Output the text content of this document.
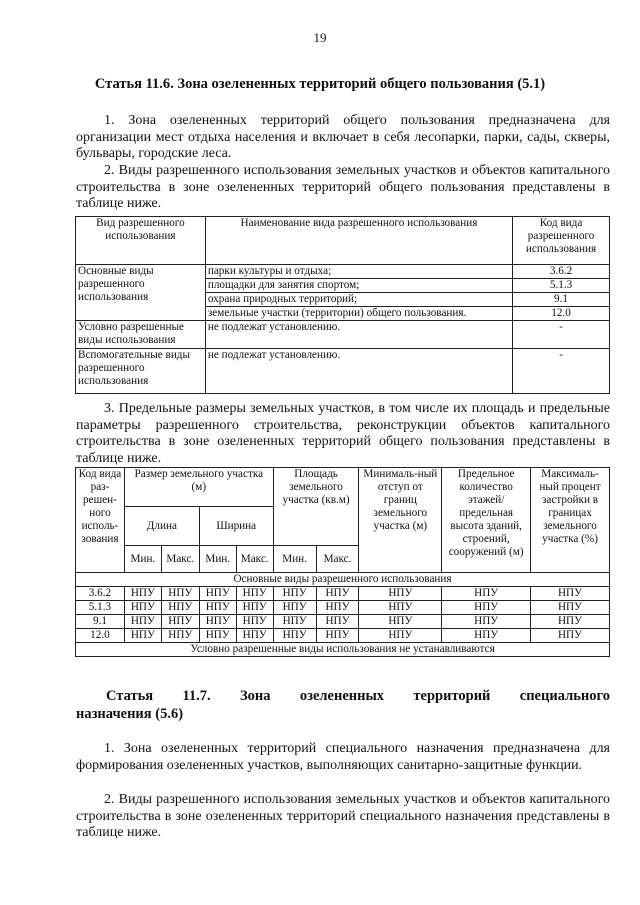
19
Статья 11.6. Зона озелененных территорий общего пользования (5.1)

1. Зона озелененных территорий общего пользования предназначена для организации мест отдыха населения и включает в себя лесопарки, парки, сады, скверы, бульвары, городские леса.

2. Виды разрешенного использования земельных участков и объектов капитального строительства в зоне озелененных территорий общего пользования представлены в таблице ниже.

Вид разрешенного использования	Наименование вида разрешенного использования	Код вида разрешенного использования
Основные виды разрешенного использования	парки культуры и отдыха;	3.6.2
	площадки для занятия спортом;	5.1.3
	охрана природных территорий;	9.1
	земельные участки (территории) общего пользования.	12.0
Условно разрешенные виды использования	не подлежат установлению.	-
Вспомогательные виды разрешенного использования	не подлежат установлению.	-

3. Предельные размеры земельных участков, в том числе их площадь и предельные параметры разрешенного строительства, реконструкции объектов капитального строительства в зоне озелененных территорий общего пользования представлены в таблице ниже.

Код вида раз-решен-ного исполь-зования	Размер земельного участка (м)				Площадь земельного участка (кв.м)		Минималь-ный отступ от границ земельного участка (м)	Предельное количество этажей/ предельная высота зданий, строений, сооружений (м)	Максималь-ный процент застройки в границах земельного участка (%)
	Длина		Ширина						
	Мин.	Макс.	Мин.	Макс.	Мин.	Макс.			
Основные виды разрешенного использования									
3.6.2	НПУ	НПУ	НПУ	НПУ	НПУ	НПУ	НПУ	НПУ	НПУ
5.1.3	НПУ	НПУ	НПУ	НПУ	НПУ	НПУ	НПУ	НПУ	НПУ
9.1	НПУ	НПУ	НПУ	НПУ	НПУ	НПУ	НПУ	НПУ	НПУ
12.0	НПУ	НПУ	НПУ	НПУ	НПУ	НПУ	НПУ	НПУ	НПУ
Условно разрешенные виды использования не устанавливаются									
Статья 11.7. Зона озелененных территорий специального
назначения (5.6)

1. Зона озелененных территорий специального назначения предназначена для формирования озелененных участков, выполняющих санитарно-защитные функции.

2. Виды разрешенного использования земельных участков и объектов капитального строительства в зоне озелененных территорий специального назначения представлены в таблице ниже.
